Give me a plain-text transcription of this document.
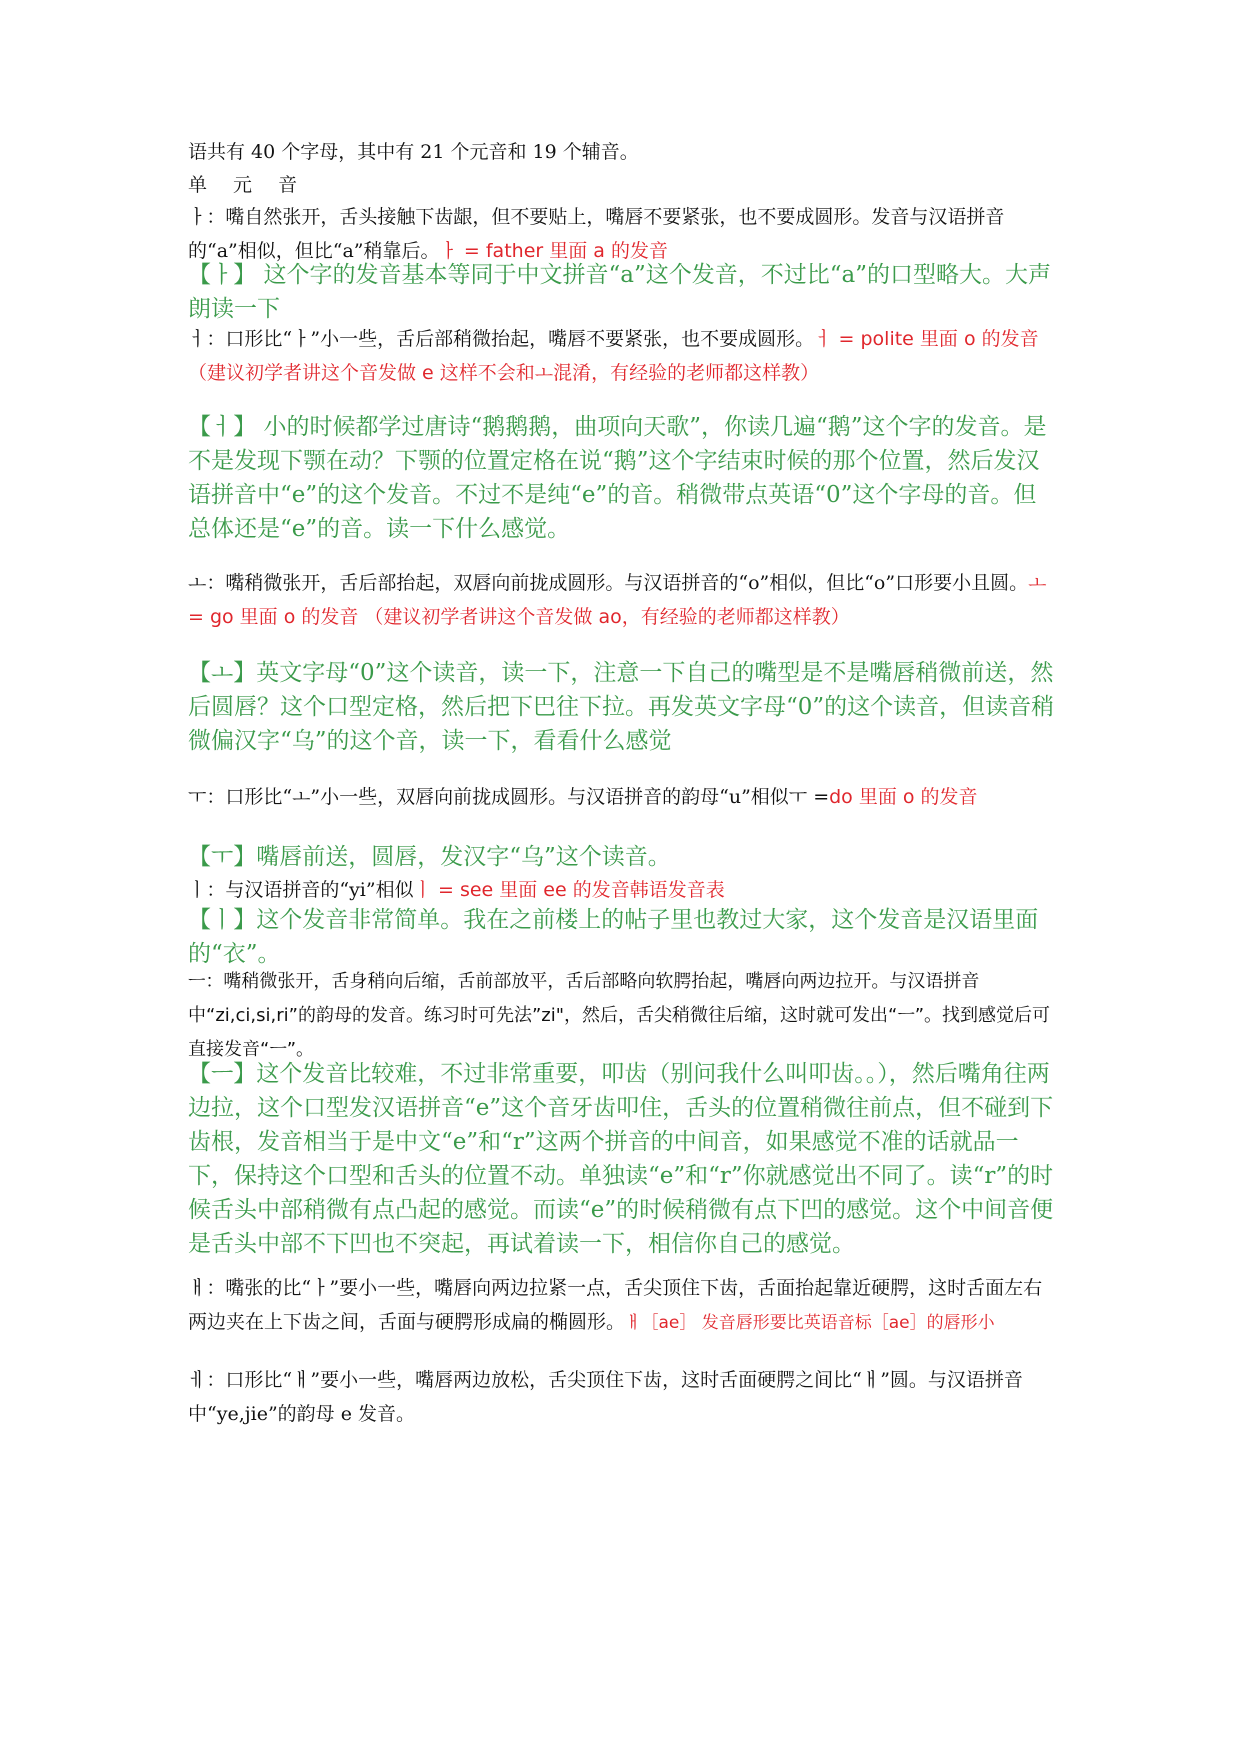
语共有 40 个字母，其中有 21 个元音和 19 个辅音。

单 元 音

ㅏ：嘴自然张开，舌头接触下齿龈，但不要贴上，嘴唇不要紧张，也不要成圆形。发音与汉语拼音的“a”相似，但比“a”稍靠后。ㅏ = father 里面 a 的发音

【ㅏ】 这个字的发音基本等同于中文拼音“a”这个发音，不过比“a”的口型略大。大声朗读一下

ㅓ：口形比“ㅏ”小一些，舌后部稍微抬起，嘴唇不要紧张，也不要成圆形。ㅓ = polite 里面 o 的发音 （建议初学者讲这个音发做 e 这样不会和ㅗ混淆，有经验的老师都这样教）

【ㅓ】 小的时候都学过唐诗“鹅鹅鹅，曲项向天歌”，你读几遍“鹅”这个字的发音。是不是发现下颚在动？下颚的位置定格在说“鹅”这个字结束时候的那个位置，然后发汉语拼音中“e”的这个发音。不过不是纯“e”的音。稍微带点英语“0”这个字母的音。但总体还是“e”的音。读一下什么感觉。

ㅗ：嘴稍微张开，舌后部抬起，双唇向前拢成圆形。与汉语拼音的“o”相似，但比“o”口形要小且圆。ㅗ = go 里面 o 的发音 （建议初学者讲这个音发做 ao，有经验的老师都这样教）

【ㅗ】英文字母“0”这个读音，读一下，注意一下自己的嘴型是不是嘴唇稍微前送，然后圆唇？这个口型定格，然后把下巴往下拉。再发英文字母“0”的这个读音，但读音稍微偏汉字“乌”的这个音，读一下，看看什么感觉

ㅜ：口形比“ㅗ”小一些，双唇向前拢成圆形。与汉语拼音的韵母“u”相似ㅜ =do 里面 o 的发音

【ㅜ】嘴唇前送，圆唇，发汉字“乌”这个读音。

ㅣ：与汉语拼音的“yi”相似ㅣ = see 里面 ee 的发音韩语发音表

【ㅣ】这个发音非常简单。我在之前楼上的帖子里也教过大家，这个发音是汉语里面的“衣”。

ㅡ：嘴稍微张开，舌身稍向后缩，舌前部放平，舌后部略向软腭抬起，嘴唇向两边拉开。与汉语拼音中“zi,ci,si,ri”的韵母的发音。练习时可先法”zi"，然后，舌尖稍微往后缩，这时就可发出“ㅡ”。找到感觉后可直接发音“ㅡ”。

【ㅡ】这个发音比较难，不过非常重要，叩齿（别问我什么叫叩齿。。），然后嘴角往两边拉，这个口型发汉语拼音“e”这个音牙齿叩住，舌头的位置稍微往前点，但不碰到下齿根，发音相当于是中文“e”和“r”这两个拼音的中间音，如果感觉不准的话就品一下，保持这个口型和舌头的位置不动。单独读“e”和“r”你就感觉出不同了。读“r”的时候舌头中部稍微有点凸起的感觉。而读“e”的时候稍微有点下凹的感觉。这个中间音便是舌头中部不下凹也不突起，再试着读一下，相信你自己的感觉。

ㅐ：嘴张的比“ㅏ”要小一些，嘴唇向两边拉紧一点，舌尖顶住下齿，舌面抬起靠近硬腭，这时舌面左右两边夹在上下齿之间，舌面与硬腭形成扁的椭圆形。ㅐ［ae］ 发音唇形要比英语音标［ae］的唇形小

ㅔ：口形比“ㅐ”要小一些，嘴唇两边放松，舌尖顶住下齿，这时舌面硬腭之间比“ㅐ”圆。与汉语拼音中“ye,jie”的韵母 e 发音。
